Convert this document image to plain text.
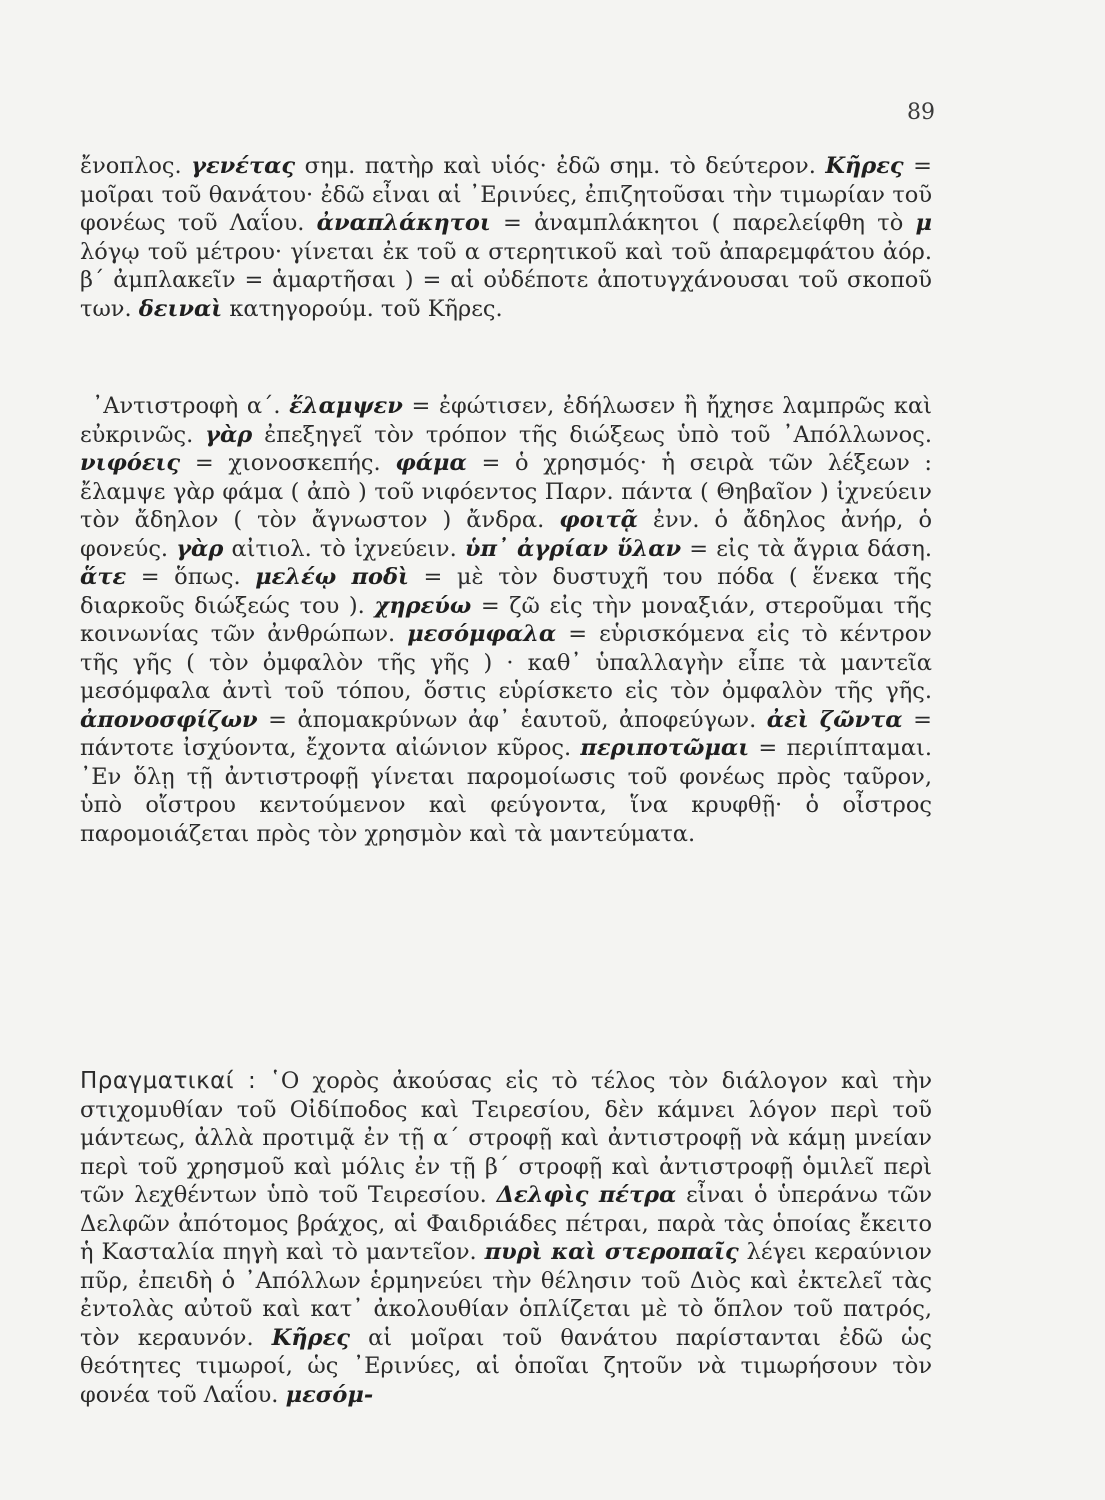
89

ἔνοπλος. γενέτας σημ. πατὴρ καὶ υἱός· ἐδῶ σημ. τὸ δεύτερον. Κῆρες = μοῖραι τοῦ θανάτου· ἐδῶ εἶναι αἱ ᾽Ερινύες, ἐπιζητοῦσαι τὴν τιμωρίαν τοῦ φονέως τοῦ Λαΐου. ἀναπλάκητοι = ἀναμπλάκητοι ( παρελείφθη τὸ μ λόγῳ τοῦ μέτρου· γίνεται ἐκ τοῦ α στερητικοῦ καὶ τοῦ ἀπαρεμφάτου ἀόρ. β΄ ἀμπλακεῖν = ἁμαρτῆσαι ) = αἱ οὐδέποτε ἀποτυγχάνουσαι τοῦ σκοποῦ των. δειναὶ κατηγορούμ. τοῦ Κῆρες.

᾽Αντιστροφὴ α΄. ἔλαμψεν = ἐφώτισεν, ἐδήλωσεν ἢ ἤχησε λαμπρῶς καὶ εὐκρινῶς. γὰρ ἐπεξηγεῖ τὸν τρόπον τῆς διώξεως ὑπὸ τοῦ ᾽Απόλλωνος. νιφόεις = χιονοσκεπής. φάμα = ὁ χρησμός· ἡ σειρὰ τῶν λέξεων : ἔλαμψε γὰρ φάμα ( ἀπὸ ) τοῦ νιφόεντος Παρν. πάντα ( Θηβαῖον ) ἰχνεύειν τὸν ἄδηλον ( τὸν ἄγνωστον ) ἄνδρα. φοιτᾷ ἐνν. ὁ ἄδηλος ἀνήρ, ὁ φονεύς. γὰρ αἰτιολ. τὸ ἰχνεύειν. ὑπ᾽ ἀγρίαν ὕλαν = εἰς τὰ ἄγρια δάση. ἅτε = ὅπως. μελέῳ ποδὶ = μὲ τὸν δυστυχῆ του πόδα ( ἕνεκα τῆς διαρκοῦς διώξεώς του ). χηρεύω = ζῶ εἰς τὴν μοναξιάν, στεροῦμαι τῆς κοινωνίας τῶν ἀνθρώπων. μεσόμφαλα = εὑρισκόμενα εἰς τὸ κέντρον τῆς γῆς ( τὸν ὀμφαλὸν τῆς γῆς ) · καθ᾽ ὑπαλλαγὴν εἶπε τὰ μαντεῖα μεσόμφαλα ἀντὶ τοῦ τόπου, ὅστις εὑρίσκετο εἰς τὸν ὀμφαλὸν τῆς γῆς. ἀπονοσφίζων = ἀπομακρύνων ἀφ᾽ ἑαυτοῦ, ἀποφεύγων. ἀεὶ ζῶντα = πάντοτε ἰσχύοντα, ἔχοντα αἰώνιον κῦρος. περιποτῶμαι = περιίπταμαι. ᾽Εν ὅλῃ τῇ ἀντιστροφῇ γίνεται παρομοίωσις τοῦ φονέως πρὸς ταῦρον, ὑπὸ οἴστρου κεντούμενον καὶ φεύγοντα, ἵνα κρυφθῇ· ὁ οἶστρος παρομοιάζεται πρὸς τὸν χρησμὸν καὶ τὰ μαντεύματα.

Πραγματικαί : ῾Ο χορὸς ἀκούσας εἰς τὸ τέλος τὸν διάλογον καὶ τὴν στιχομυθίαν τοῦ Οἰδίποδος καὶ Τειρεσίου, δὲν κάμνει λόγον περὶ τοῦ μάντεως, ἀλλὰ προτιμᾷ ἐν τῇ α΄ στροφῇ καὶ ἀντιστροφῇ νὰ κάμῃ μνείαν περὶ τοῦ χρησμοῦ καὶ μόλις ἐν τῇ β΄ στροφῇ καὶ ἀντιστροφῇ ὁμιλεῖ περὶ τῶν λεχθέντων ὑπὸ τοῦ Τειρεσίου. Δελφὶς πέτρα εἶναι ὁ ὑπεράνω τῶν Δελφῶν ἀπότομος βράχος, αἱ Φαιδριάδες πέτραι, παρὰ τὰς ὁποίας ἔκειτο ἡ Κασταλία πηγὴ καὶ τὸ μαντεῖον. πυρὶ καὶ στεροπαῖς λέγει κεραύνιον πῦρ, ἐπειδὴ ὁ ᾽Απόλλων ἑρμηνεύει τὴν θέλησιν τοῦ Διὸς καὶ ἐκτελεῖ τὰς ἐντολὰς αὐτοῦ καὶ κατ᾽ ἀκολουθίαν ὁπλίζεται μὲ τὸ ὅπλον τοῦ πατρός, τὸν κεραυνόν. Κῆρες αἱ μοῖραι τοῦ θανάτου παρίστανται ἐδῶ ὡς θεότητες τιμωροί, ὡς ᾽Ερινύες, αἱ ὁποῖαι ζητοῦν νὰ τιμωρήσουν τὸν φονέα τοῦ Λαΐου. μεσόμ-
